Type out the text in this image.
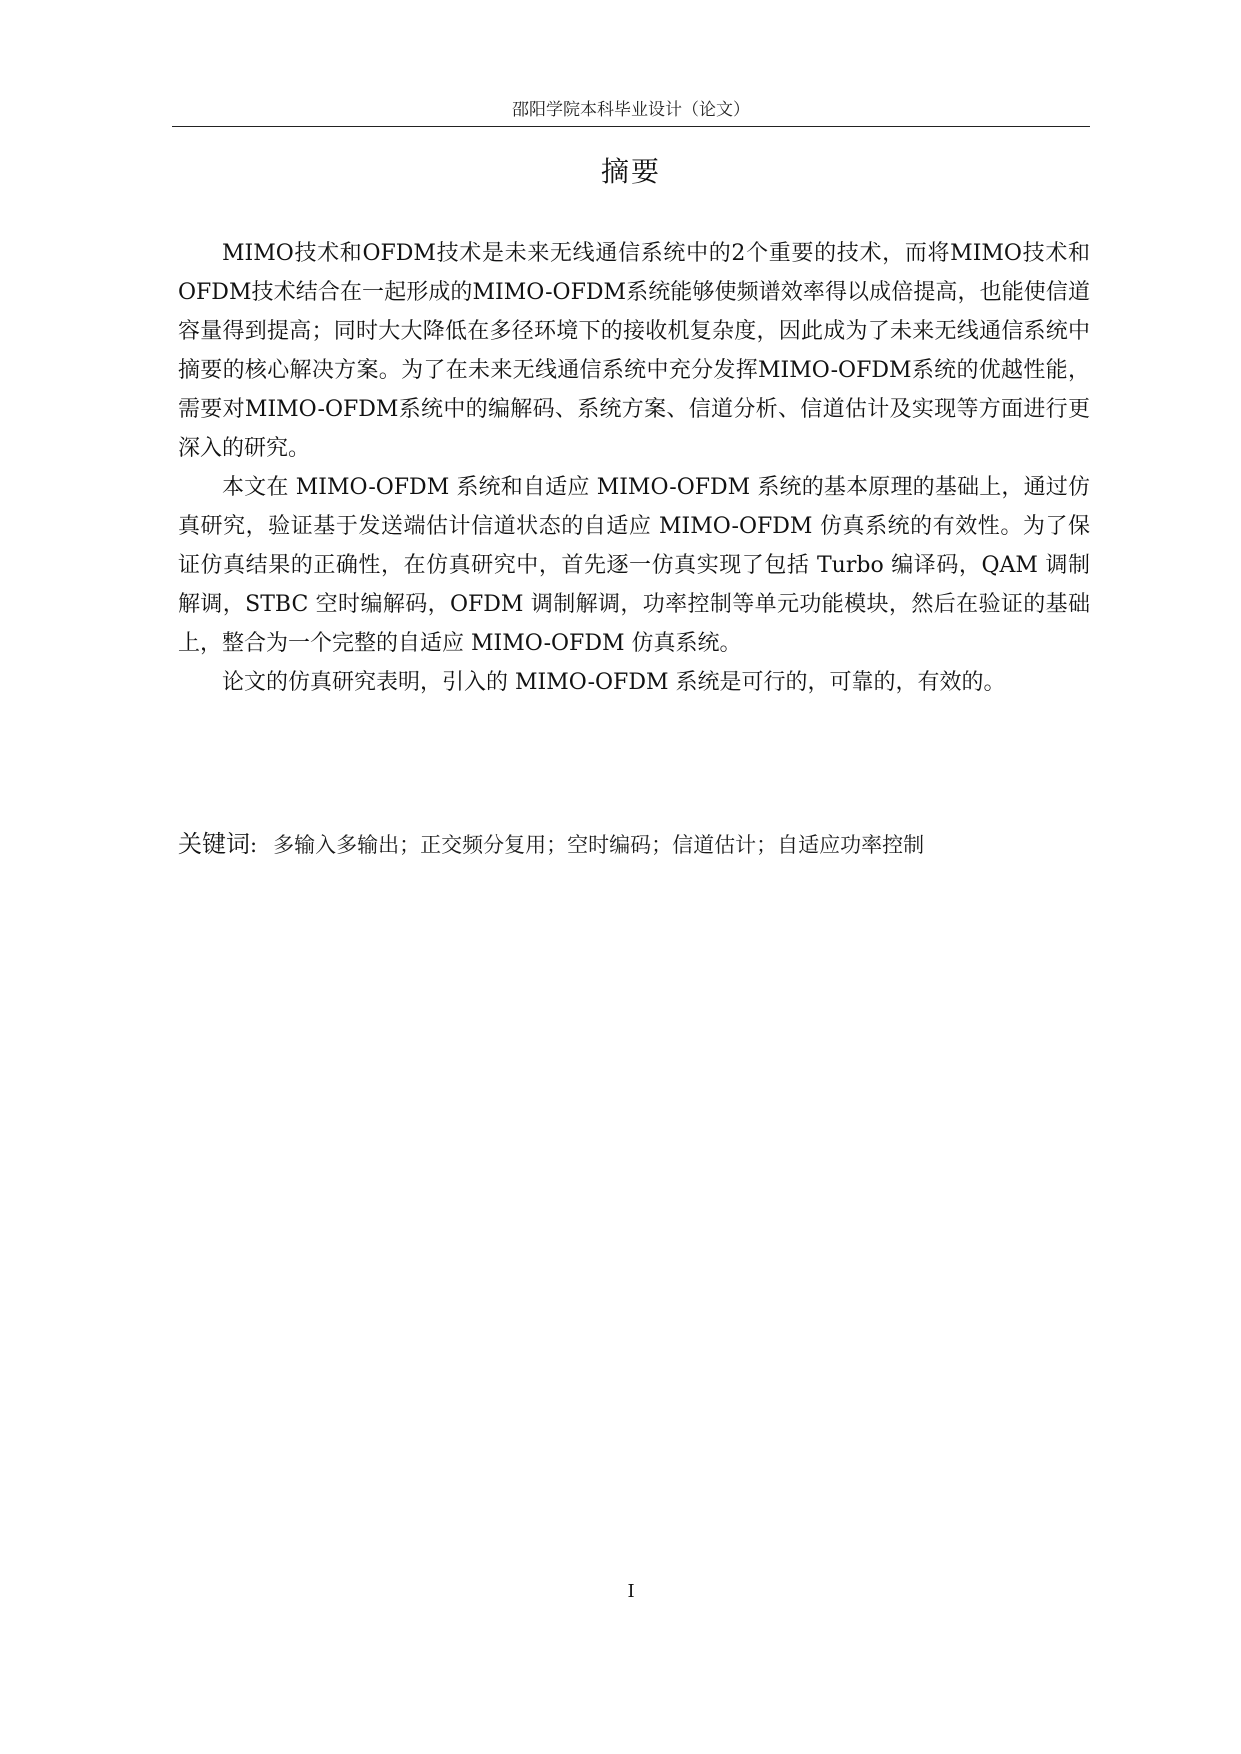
邵阳学院本科毕业设计（论文）
摘要

MIMO技术和OFDM技术是未来无线通信系统中的2个重要的技术，而将MIMO技术和OFDM技术结合在一起形成的MIMO-OFDM系统能够使频谱效率得以成倍提高，也能使信道容量得到提高；同时大大降低在多径环境下的接收机复杂度，因此成为了未来无线通信系统中摘要的核心解决方案。为了在未来无线通信系统中充分发挥MIMO-OFDM系统的优越性能，需要对MIMO-OFDM系统中的编解码、系统方案、信道分析、信道估计及实现等方面进行更深入的研究。

本文在 MIMO-OFDM 系统和自适应 MIMO-OFDM 系统的基本原理的基础上，通过仿真研究，验证基于发送端估计信道状态的自适应 MIMO-OFDM 仿真系统的有效性。为了保证仿真结果的正确性，在仿真研究中，首先逐一仿真实现了包括 Turbo 编译码，QAM 调制解调，STBC 空时编解码，OFDM 调制解调，功率控制等单元功能模块，然后在验证的基础上，整合为一个完整的自适应 MIMO-OFDM 仿真系统。

论文的仿真研究表明，引入的 MIMO-OFDM 系统是可行的，可靠的，有效的。

关键词: 多输入多输出；正交频分复用；空时编码；信道估计；自适应功率控制
I
